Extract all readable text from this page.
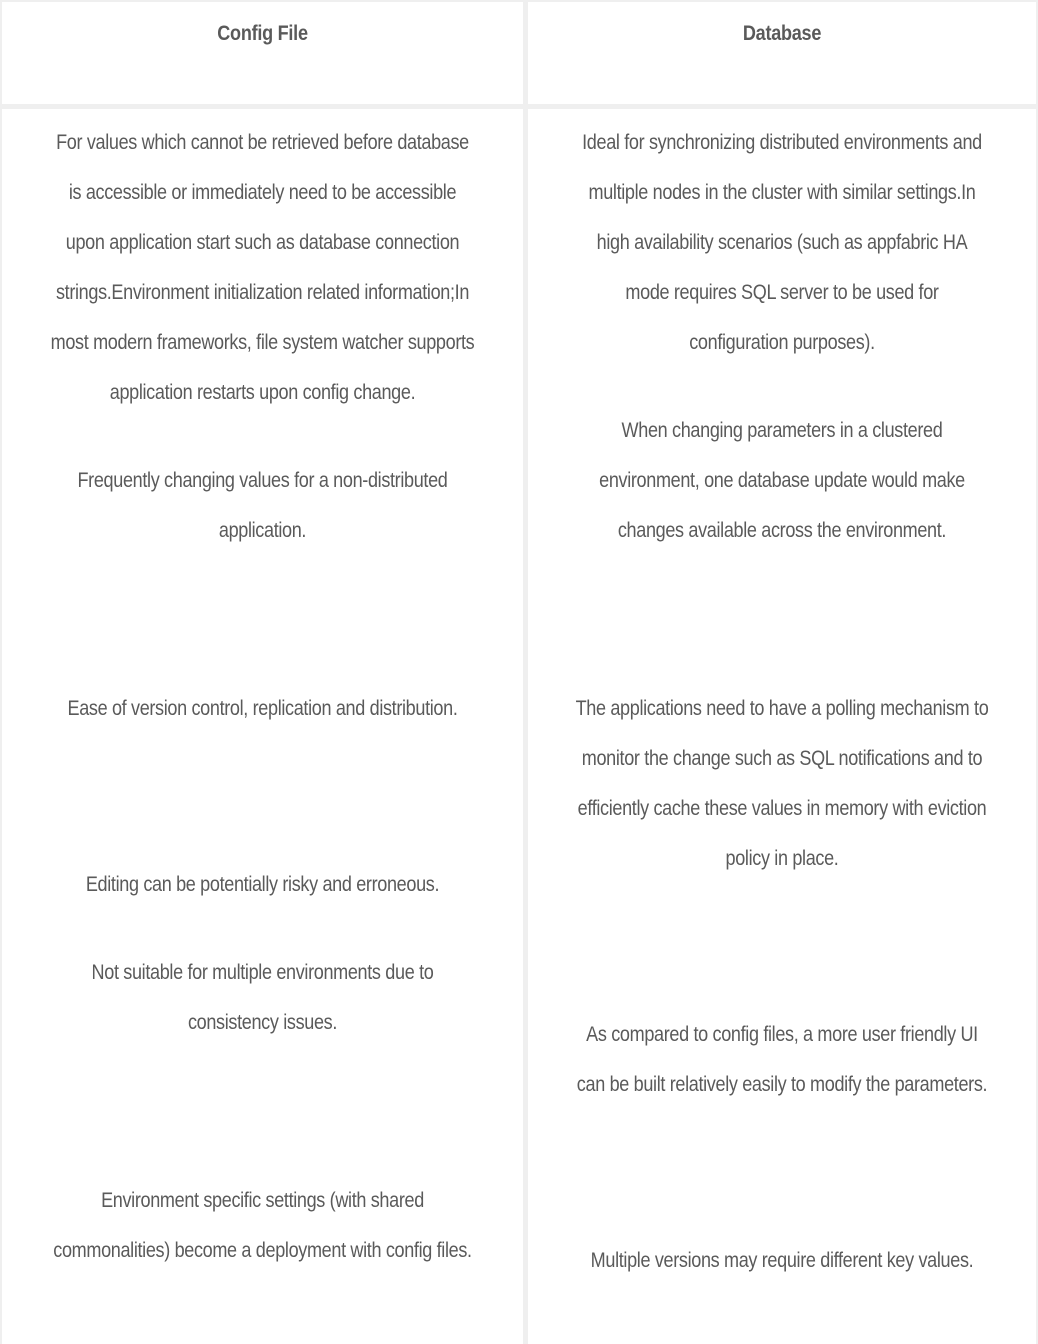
Config File	Database
For values which cannot be retrieved before database
is accessible or immediately need to be accessible
upon application start such as database connection
strings.Environment initialization related information;In
most modern frameworks, file system watcher supports
application restarts upon config change.
Frequently changing values for a non-distributed
application.
Ease of version control, replication and distribution.
Editing can be potentially risky and erroneous.
Not suitable for multiple environments due to
consistency issues.
Environment specific settings (with shared
commonalities) become a deployment with config files.
Ideal for synchronizing distributed environments and
multiple nodes in the cluster with similar settings.In
high availability scenarios (such as appfabric HA
mode requires SQL server to be used for
configuration purposes).
When changing parameters in a clustered
environment, one database update would make
changes available across the environment.
The applications need to have a polling mechanism to
monitor the change such as SQL notifications and to
efficiently cache these values in memory with eviction
policy in place.
As compared to config files, a more user friendly UI
can be built relatively easily to modify the parameters.
Multiple versions may require different key values.
